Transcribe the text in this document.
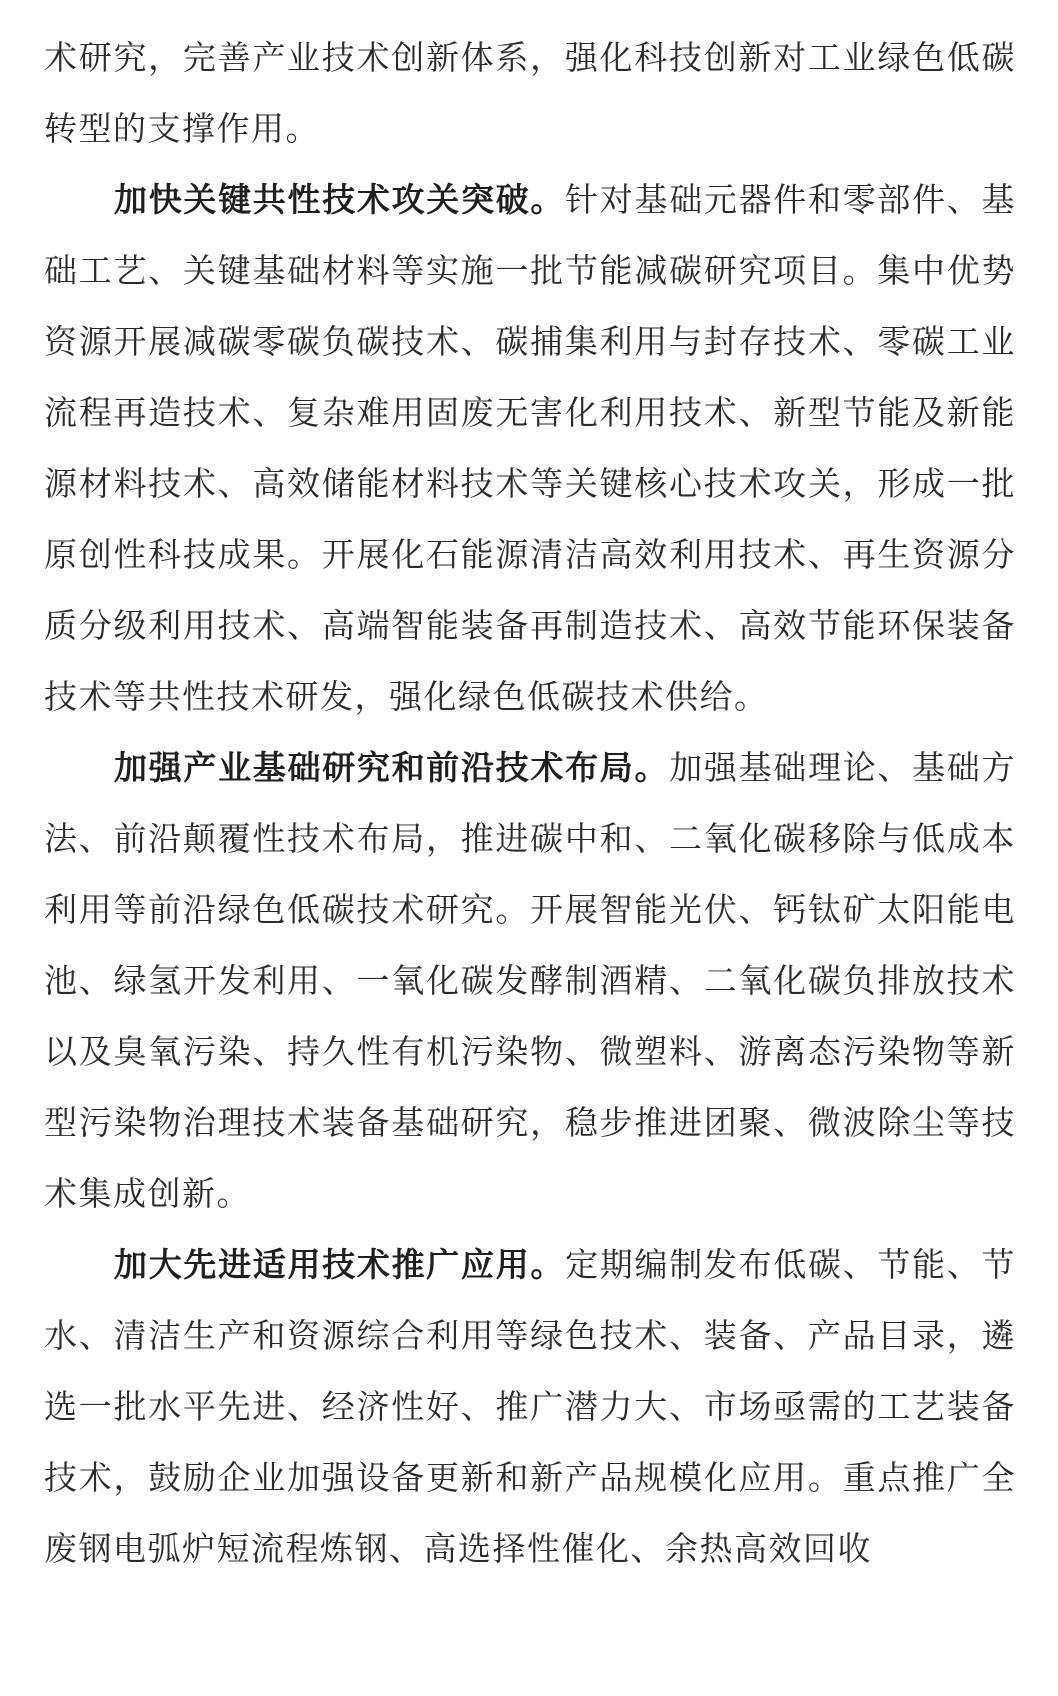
术研究，完善产业技术创新体系，强化科技创新对工业绿色低碳转型的支撑作用。

加快关键共性技术攻关突破。针对基础元器件和零部件、基础工艺、关键基础材料等实施一批节能减碳研究项目。集中优势资源开展减碳零碳负碳技术、碳捕集利用与封存技术、零碳工业流程再造技术、复杂难用固废无害化利用技术、新型节能及新能源材料技术、高效储能材料技术等关键核心技术攻关，形成一批原创性科技成果。开展化石能源清洁高效利用技术、再生资源分质分级利用技术、高端智能装备再制造技术、高效节能环保装备技术等共性技术研发，强化绿色低碳技术供给。

加强产业基础研究和前沿技术布局。加强基础理论、基础方法、前沿颠覆性技术布局，推进碳中和、二氧化碳移除与低成本利用等前沿绿色低碳技术研究。开展智能光伏、钙钛矿太阳能电池、绿氢开发利用、一氧化碳发酵制酒精、二氧化碳负排放技术以及臭氧污染、持久性有机污染物、微塑料、游离态污染物等新型污染物治理技术装备基础研究，稳步推进团聚、微波除尘等技术集成创新。

加大先进适用技术推广应用。定期编制发布低碳、节能、节水、清洁生产和资源综合利用等绿色技术、装备、产品目录，遴选一批水平先进、经济性好、推广潜力大、市场亟需的工艺装备技术，鼓励企业加强设备更新和新产品规模化应用。重点推广全废钢电弧炉短流程炼钢、高选择性催化、余热高效回收
